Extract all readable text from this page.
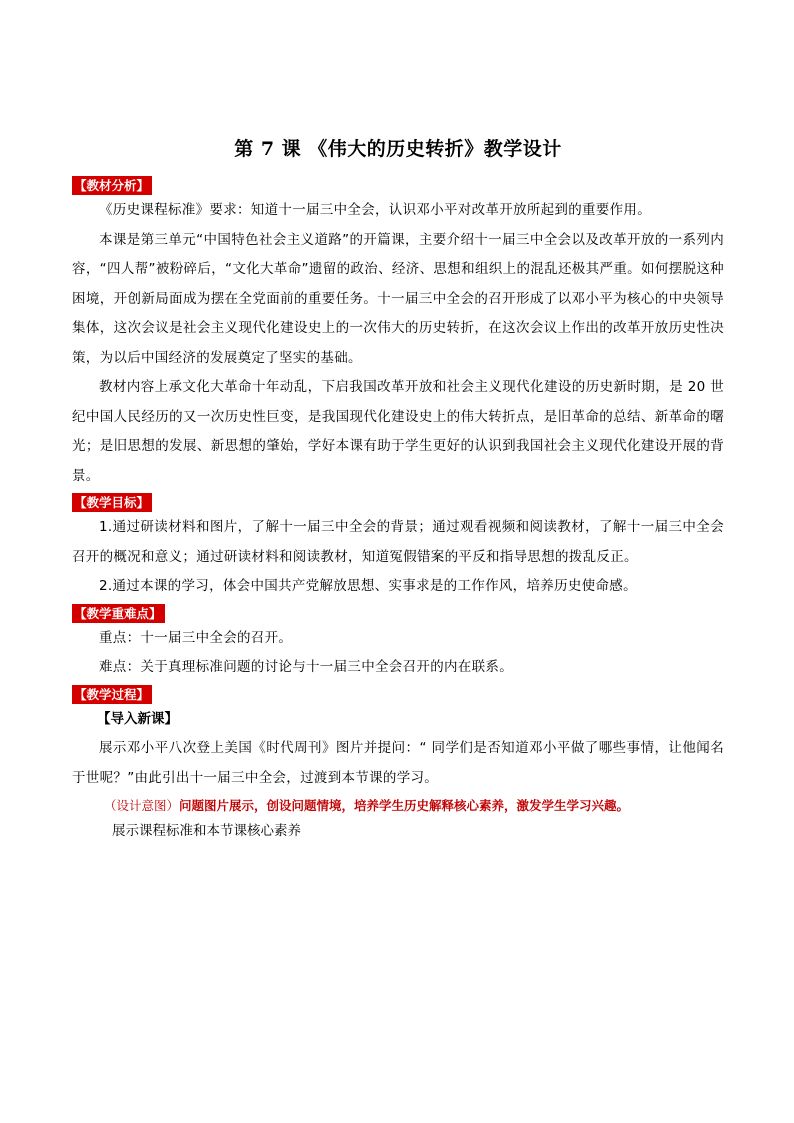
第 7 课 《伟大的历史转折》教学设计
【教材分析】

《历史课程标准》要求：知道十一届三中全会，认识邓小平对改革开放所起到的重要作用。

本课是第三单元“中国特色社会主义道路”的开篇课，主要介绍十一届三中全会以及改革开放的一系列内容，“四人帮”被粉碎后，“文化大革命”遗留的政治、经济、思想和组织上的混乱还极其严重。如何摆脱这种困境，开创新局面成为摆在全党面前的重要任务。十一届三中全会的召开形成了以邓小平为核心的中央领导集体，这次会议是社会主义现代化建设史上的一次伟大的历史转折，在这次会议上作出的改革开放历史性决策，为以后中国经济的发展奠定了坚实的基础。

教材内容上承文化大革命十年动乱，下启我国改革开放和社会主义现代化建设的历史新时期，是 20 世纪中国人民经历的又一次历史性巨变，是我国现代化建设史上的伟大转折点，是旧革命的总结、新革命的曙光；是旧思想的发展、新思想的肇始，学好本课有助于学生更好的认识到我国社会主义现代化建设开展的背景。

【教学目标】

1.通过研读材料和图片，了解十一届三中全会的背景；通过观看视频和阅读教材，了解十一届三中全会召开的概况和意义；通过研读材料和阅读教材，知道冤假错案的平反和指导思想的拨乱反正。

2.通过本课的学习，体会中国共产党解放思想、实事求是的工作作风，培养历史使命感。

【教学重难点】

重点：十一届三中全会的召开。

难点：关于真理标准问题的讨论与十一届三中全会召开的内在联系。

【教学过程】

【导入新课】

展示邓小平八次登上美国《时代周刊》图片并提问：“ 同学们是否知道邓小平做了哪些事情，让他闻名于世呢？”由此引出十一届三中全会，过渡到本节课的学习。

（设计意图）问题图片展示，创设问题情境，培养学生历史解释核心素养，激发学生学习兴趣。

展示课程标准和本节课核心素养
